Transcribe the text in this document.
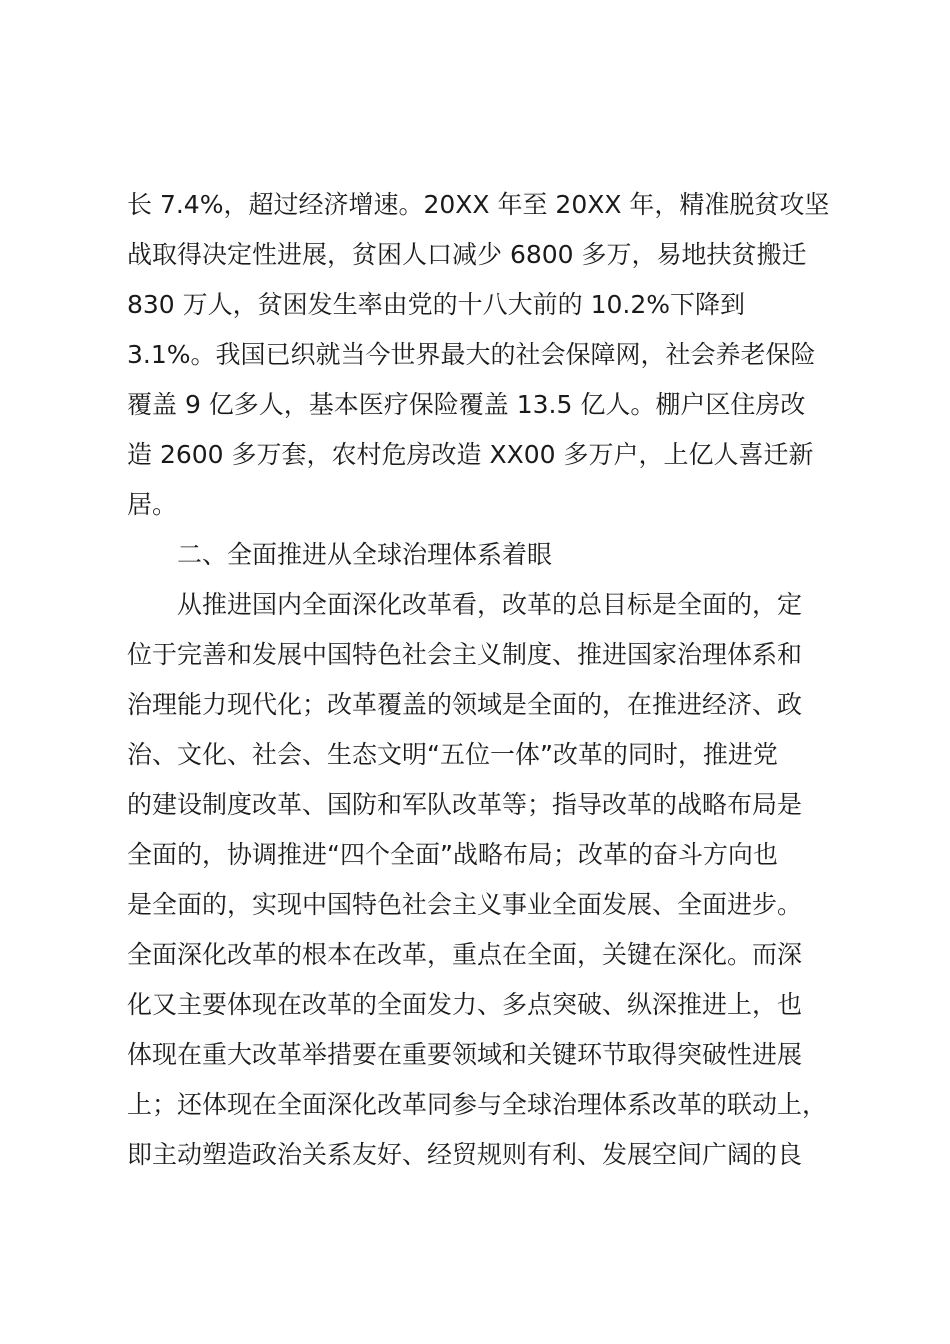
长 7.4%，超过经济增速。20XX 年至 20XX 年，精准脱贫攻坚
战取得决定性进展，贫困人口减少 6800 多万，易地扶贫搬迁
830 万人，贫困发生率由党的十八大前的 10.2%下降到
3.1%。我国已织就当今世界最大的社会保障网，社会养老保险
覆盖 9 亿多人，基本医疗保险覆盖 13.5 亿人。棚户区住房改
造 2600 多万套，农村危房改造 XX00 多万户，上亿人喜迁新
居。
二、全面推进从全球治理体系着眼
从推进国内全面深化改革看，改革的总目标是全面的，定
位于完善和发展中国特色社会主义制度、推进国家治理体系和
治理能力现代化；改革覆盖的领域是全面的，在推进经济、政
治、文化、社会、生态文明“五位一体”改革的同时，推进党
的建设制度改革、国防和军队改革等；指导改革的战略布局是
全面的，协调推进“四个全面”战略布局；改革的奋斗方向也
是全面的，实现中国特色社会主义事业全面发展、全面进步。
全面深化改革的根本在改革，重点在全面，关键在深化。而深
化又主要体现在改革的全面发力、多点突破、纵深推进上，也
体现在重大改革举措要在重要领域和关键环节取得突破性进展
上；还体现在全面深化改革同参与全球治理体系改革的联动上，
即主动塑造政治关系友好、经贸规则有利、发展空间广阔的良
